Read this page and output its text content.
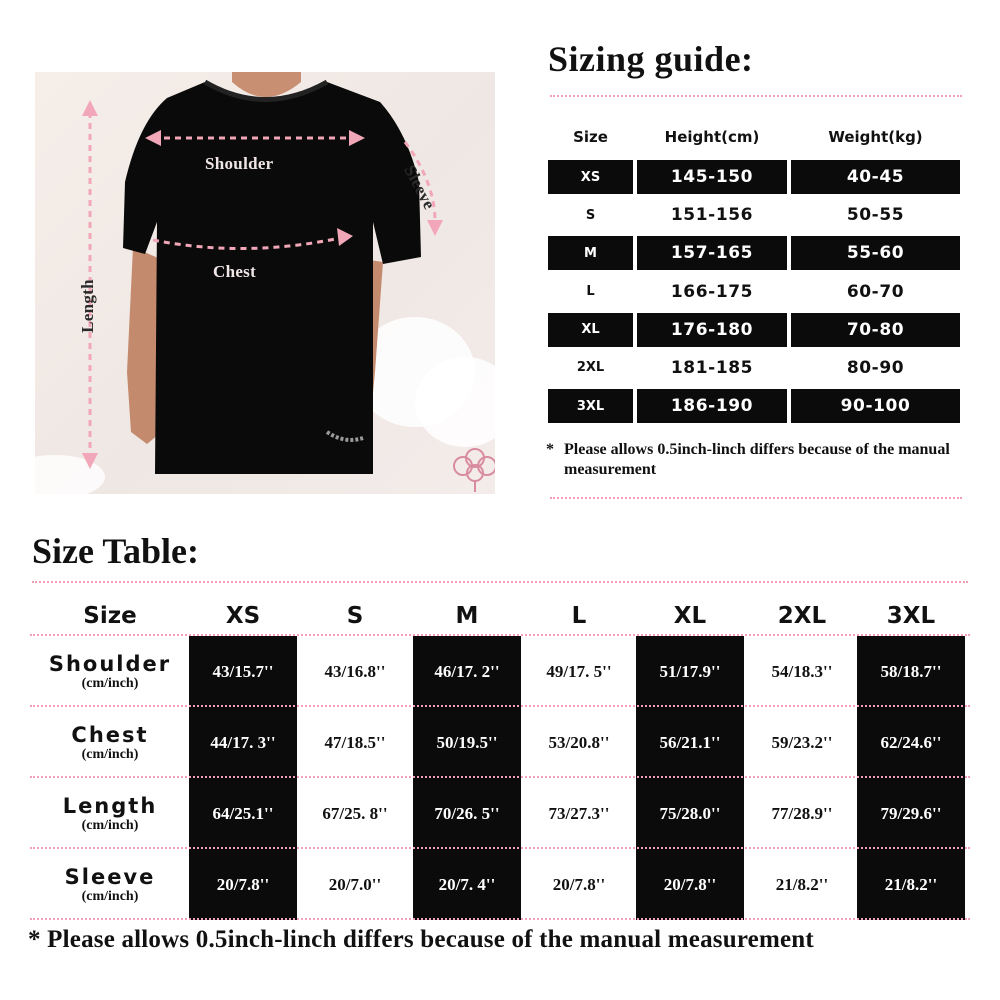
Shoulder
Chest
Sleeve
Length
Sizing guide:
Size	Height(cm)	Weight(kg)
XS	145-150	40-45
S	151-156	50-55
M	157-165	55-60
L	166-175	60-70
XL	176-180	70-80
2XL	181-185	80-90
3XL	186-190	90-100
* Please allows 0.5inch-linch differs because of the manual measurement
Size Table:
Size	XS	S	M	L	XL	2XL	3XL
Shoulder
(cm/inch)
43/15.7''	43/16.8''	46/17. 2''	49/17. 5''	51/17.9''	54/18.3''	58/18.7''
Chest
(cm/inch)
44/17. 3''	47/18.5''	50/19.5''	53/20.8''	56/21.1''	59/23.2''	62/24.6''
Length
(cm/inch)
64/25.1''	67/25. 8''	70/26. 5''	73/27.3''	75/28.0''	77/28.9''	79/29.6''
Sleeve
(cm/inch)
20/7.8''	20/7.0''	20/7. 4''	20/7.8''	20/7.8''	21/8.2''	21/8.2''
* Please allows 0.5inch-linch differs because of the manual measurement
